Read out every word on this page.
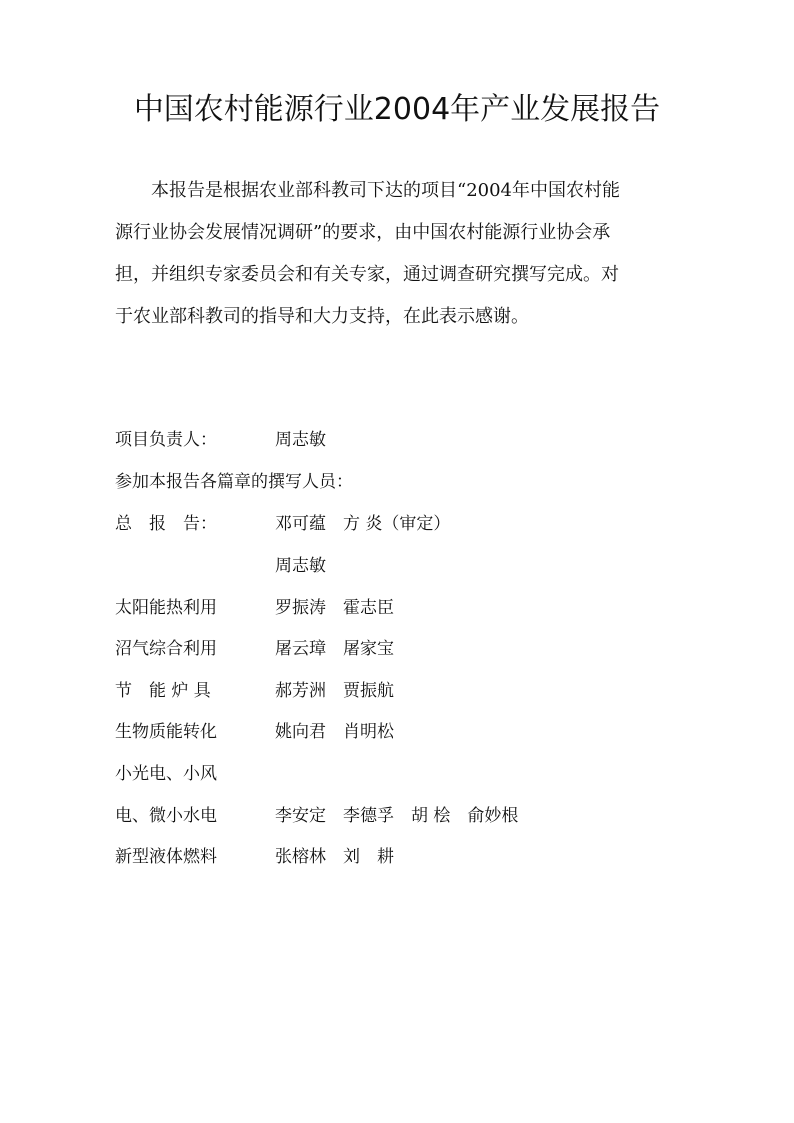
中国农村能源行业2004年产业发展报告

　　本报告是根据农业部科教司下达的项目“2004年中国农村能

源行业协会发展情况调研”的要求，由中国农村能源行业协会承

担，并组织专家委员会和有关专家，通过调查研究撰写完成。对

于农业部科教司的指导和大力支持，在此表示感谢。

项目负责人：	周志敏
参加本报告各篇章的撰写人员：
总　报　告：	邓可蕴　方 炎（审定）
周志敏
太阳能热利用	罗振涛　霍志臣
沼气综合利用	屠云璋　屠家宝
节　能 炉 具	郝芳洲　贾振航
生物质能转化	姚向君　肖明松
小光电、小风
电、微小水电	李安定　李德孚　胡 桧　俞妙根
新型液体燃料	张榕林　刘　耕
